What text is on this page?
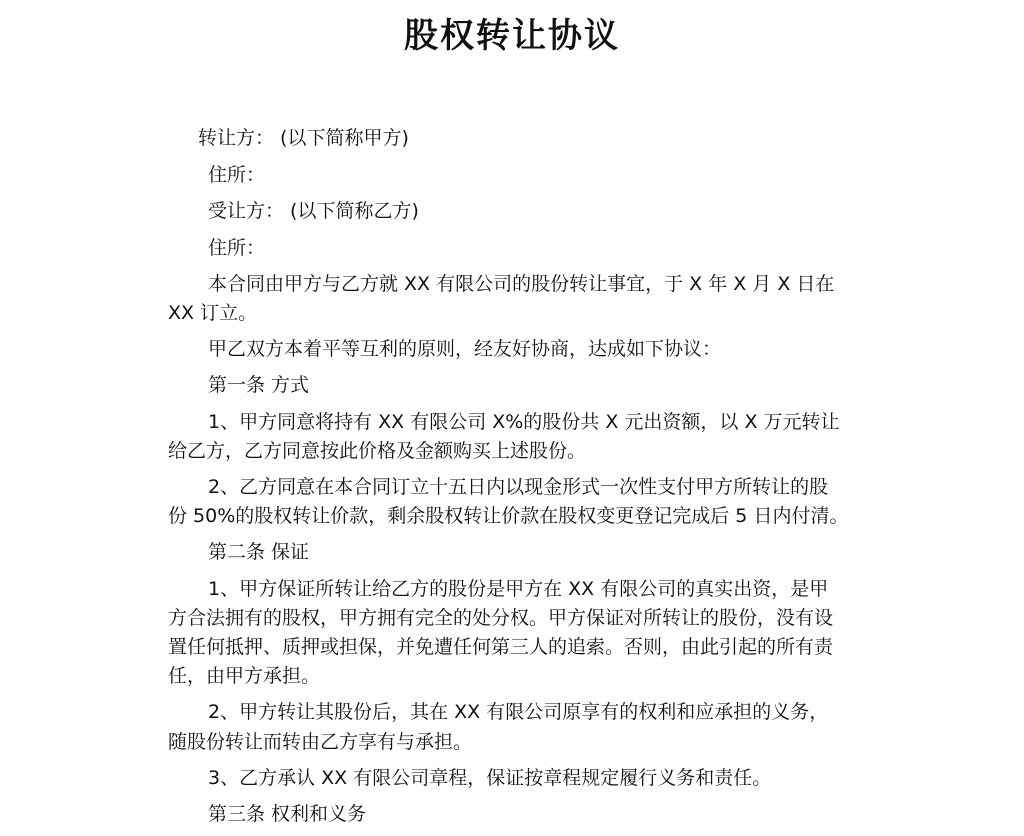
股权转让协议

转让方： (以下简称甲方)

住所：

受让方： (以下简称乙方)

住所：

本合同由甲方与乙方就 XX 有限公司的股份转让事宜，于 X 年 X 月 X 日在
XX 订立。

甲乙双方本着平等互利的原则，经友好协商，达成如下协议：

第一条 方式

1、甲方同意将持有 XX 有限公司 X%的股份共 X 元出资额，以 X 万元转让
给乙方，乙方同意按此价格及金额购买上述股份。
2、乙方同意在本合同订立十五日内以现金形式一次性支付甲方所转让的股
份 50%的股权转让价款，剩余股权转让价款在股权变更登记完成后 5 日内付清。

第二条 保证

1、甲方保证所转让给乙方的股份是甲方在 XX 有限公司的真实出资，是甲
方合法拥有的股权，甲方拥有完全的处分权。甲方保证对所转让的股份，没有设
置任何抵押、质押或担保，并免遭任何第三人的追索。否则，由此引起的所有责
任，由甲方承担。
2、甲方转让其股份后，其在 XX 有限公司原享有的权利和应承担的义务，
随股份转让而转由乙方享有与承担。

3、乙方承认 XX 有限公司章程，保证按章程规定履行义务和责任。

第三条 权利和义务
